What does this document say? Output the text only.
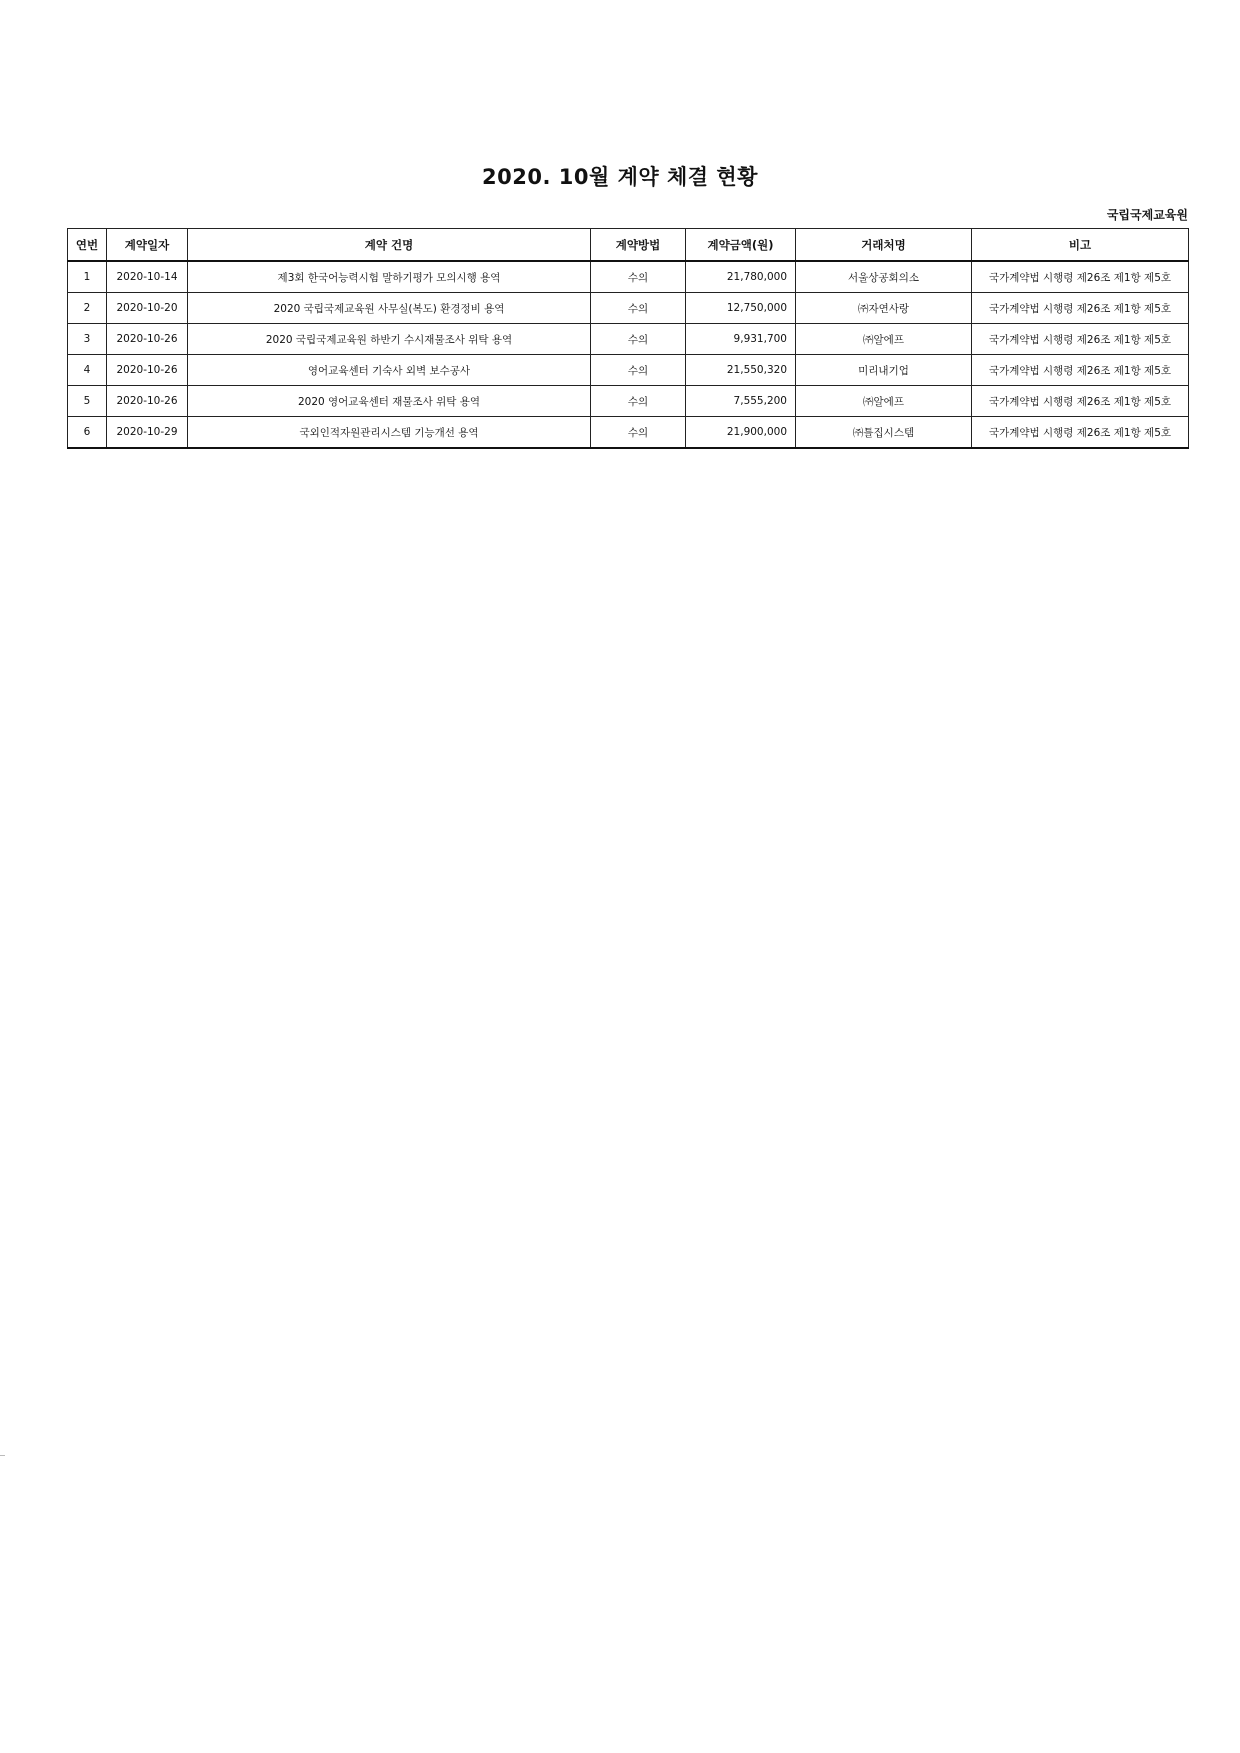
2020. 10월 계약 체결 현황
국립국제교육원
연번	계약일자	계약 건명	계약방법	계약금액(원)	거래처명	비고
1	2020-10-14	제3회 한국어능력시험 말하기평가 모의시행 용역	수의	21,780,000	서울상공회의소	국가계약법 시행령 제26조 제1항 제5호
2	2020-10-20	2020 국립국제교육원 사무실(복도) 환경정비 용역	수의	12,750,000	㈜자연사랑	국가계약법 시행령 제26조 제1항 제5호
3	2020-10-26	2020 국립국제교육원 하반기 수시재물조사 위탁 용역	수의	9,931,700	㈜알에프	국가계약법 시행령 제26조 제1항 제5호
4	2020-10-26	영어교육센터 기숙사 외벽 보수공사	수의	21,550,320	미리내기업	국가계약법 시행령 제26조 제1항 제5호
5	2020-10-26	2020 영어교육센터 재물조사 위탁 용역	수의	7,555,200	㈜알에프	국가계약법 시행령 제26조 제1항 제5호
6	2020-10-29	국외인적자원관리시스템 기능개선 용역	수의	21,900,000	㈜틀집시스템	국가계약법 시행령 제26조 제1항 제5호
